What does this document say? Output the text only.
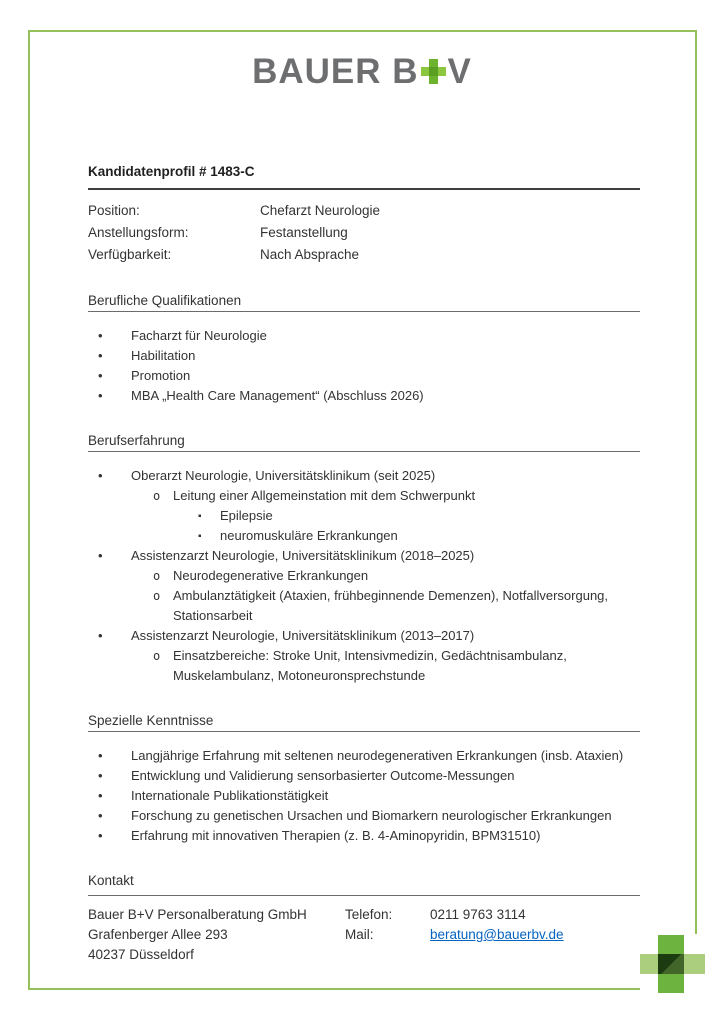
BAUER B V
Kandidatenprofil # 1483-C
Position:	Chefarzt Neurologie
Anstellungsform:	Festanstellung
Verfügbarkeit:	Nach Absprache
Berufliche Qualifikationen
• Facharzt für Neurologie
• Habilitation
• Promotion
• MBA „Health Care Management“ (Abschluss 2026)
Berufserfahrung
• Oberarzt Neurologie, Universitätsklinikum (seit 2025)
o Leitung einer Allgemeinstation mit dem Schwerpunkt
▪ Epilepsie
▪ neuromuskuläre Erkrankungen
• Assistenzarzt Neurologie, Universitätsklinikum (2018–2025)
o Neurodegenerative Erkrankungen
o Ambulanztätigkeit (Ataxien, frühbeginnende Demenzen), Notfallversorgung, Stationsarbeit
• Assistenzarzt Neurologie, Universitätsklinikum (2013–2017)
o Einsatzbereiche: Stroke Unit, Intensivmedizin, Gedächtnisambulanz, Muskelambulanz, Motoneuronsprechstunde
Spezielle Kenntnisse
• Langjährige Erfahrung mit seltenen neurodegenerativen Erkrankungen (insb. Ataxien)
• Entwicklung und Validierung sensorbasierter Outcome-Messungen
• Internationale Publikationstätigkeit
• Forschung zu genetischen Ursachen und Biomarkern neurologischer Erkrankungen
• Erfahrung mit innovativen Therapien (z. B. 4-Aminopyridin, BPM31510)
Kontakt
Bauer B+V Personalberatung GmbH
Grafenberger Allee 293
40237 Düsseldorf
Telefon:	0211 9763 3114
Mail:	beratung@bauerbv.de
